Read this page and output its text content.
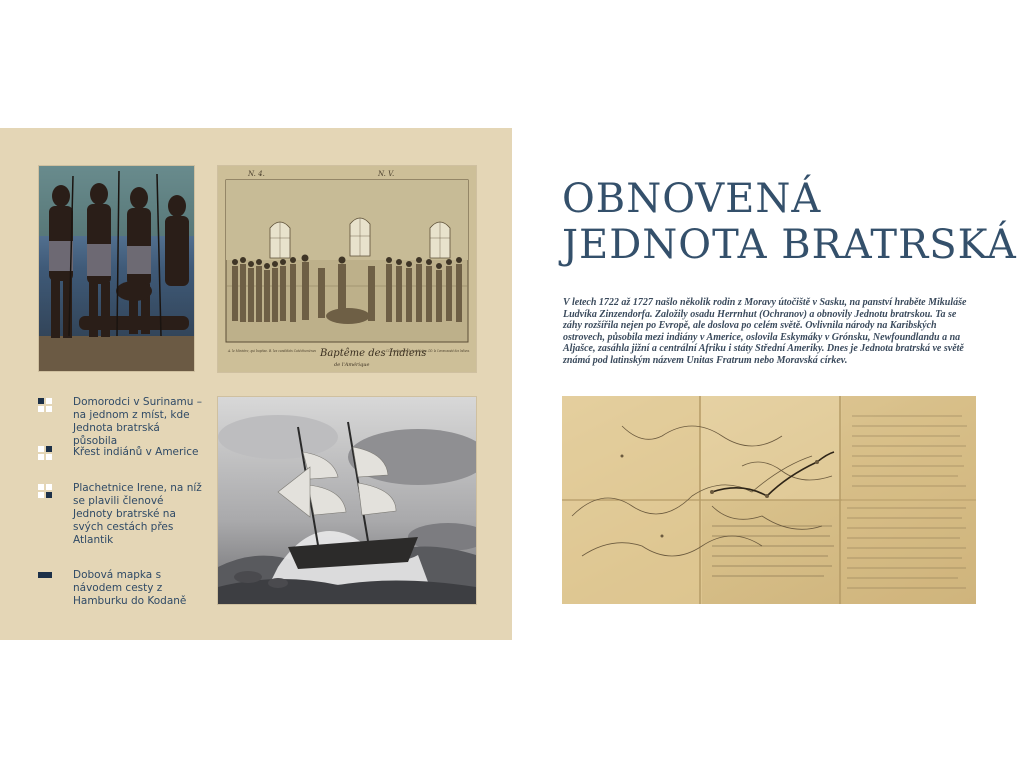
N. 4.	N. V.
Baptême des Indiens
de l'Amérique
A. le Ministre, qui baptise. B. les candidats Catéchumènes	CC. Les Ouvriers de tout Nation. DD. la Communauté des Indiens.
Domorodci v Surinamu – na jednom z míst, kde Jednota bratrská působila
Křest indiánů v Americe
Plachetnice Irene, na níž se plavili členové Jednoty bratrské na svých cestách přes Atlantik
Dobová mapka s návodem cesty z Hamburku do Kodaně
OBNOVENÁ
JEDNOTA BRATRSKÁ
V letech 1722 až 1727 našlo několik rodin z Moravy útočiště v Sasku, na panství hraběte Mikuláše Ludvíka Zinzendorfa. Založily osadu Herrnhut (Ochranov) a obnovily Jednotu bratrskou. Ta se záhy rozšířila nejen po Evropě, ale doslova po celém světě. Ovlivnila národy na Karibských ostrovech, působila mezi indiány v Americe, oslovila Eskymáky v Grónsku, Newfoundlandu a na Aljašce, zasáhla jižní a centrální Afriku i státy Střední Ameriky. Dnes je Jednota bratrská ve světě známá pod latinským názvem Unitas Fratrum nebo Moravská církev.
